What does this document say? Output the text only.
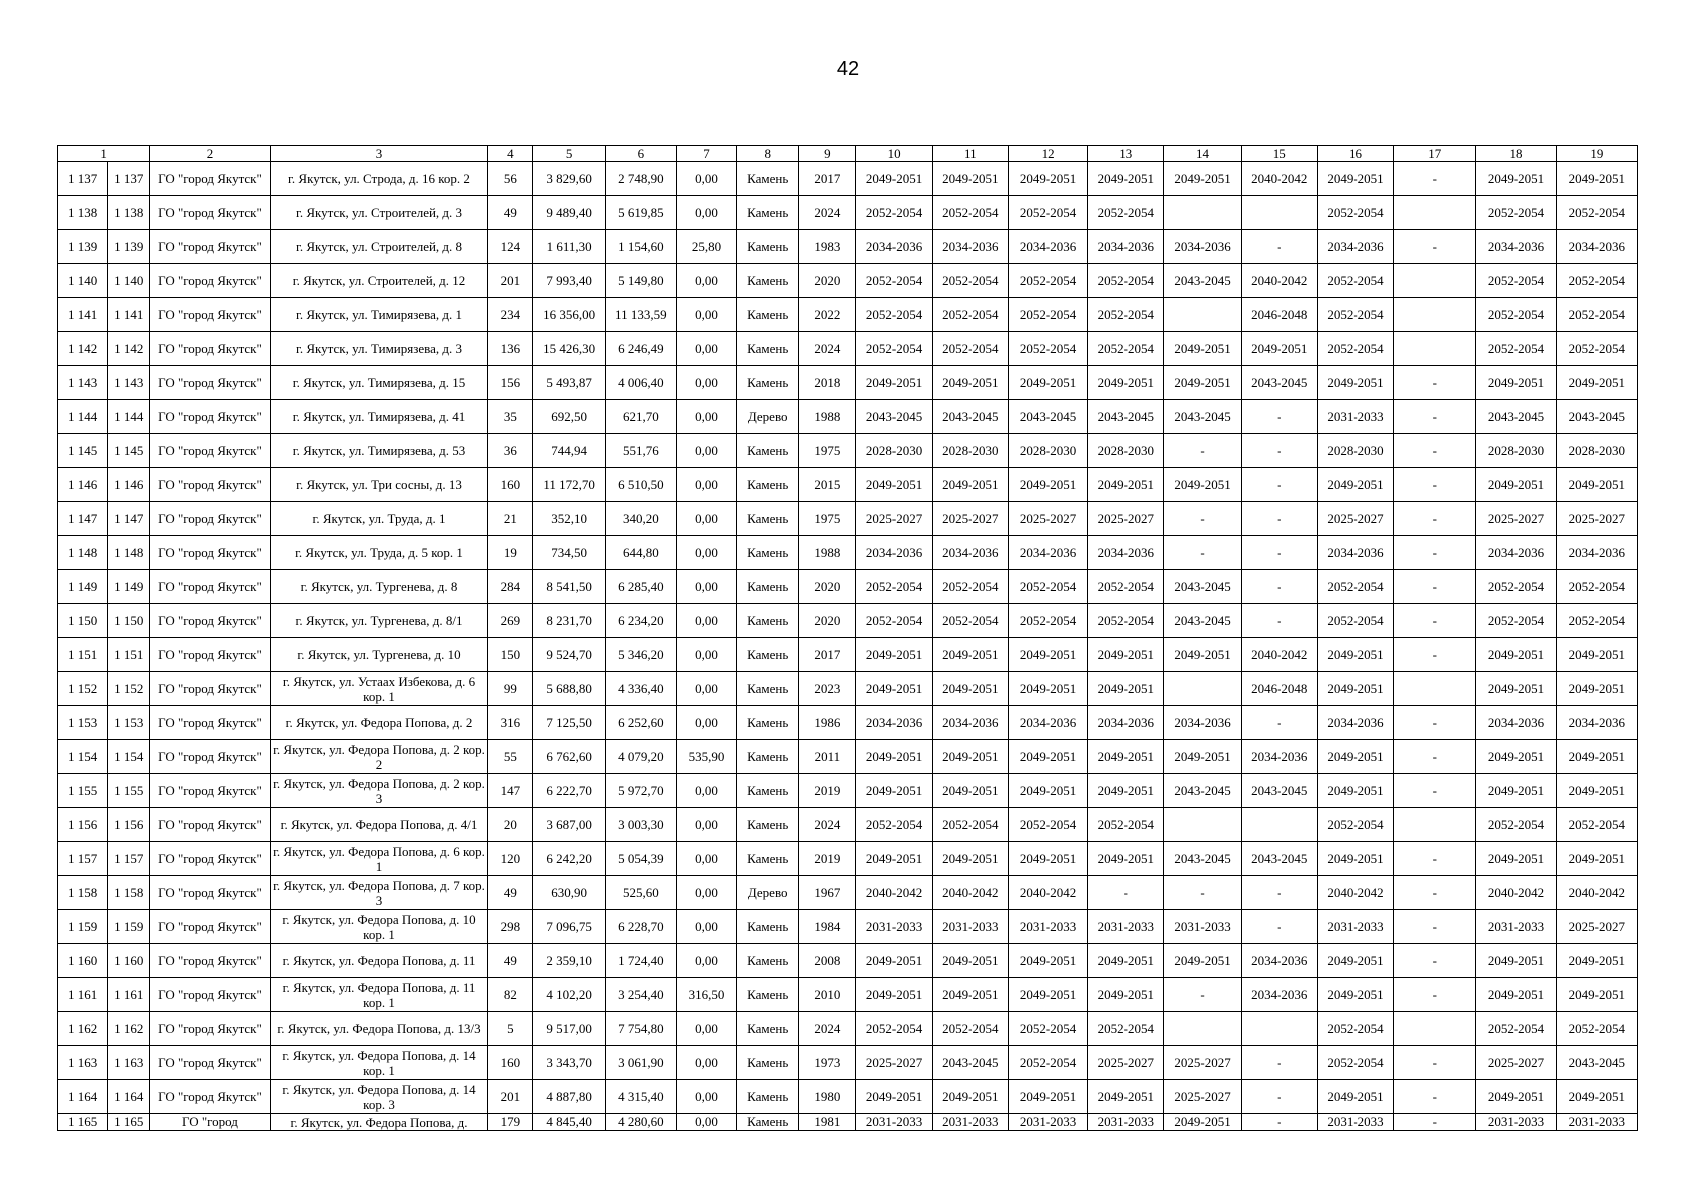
42
1		2	3	4	5	6	7	8	9	10	11	12	13	14	15	16	17	18	19
1 137	1 137	ГО "город Якутск"	г. Якутск, ул. Строда, д. 16 кор. 2	56	3 829,60	2 748,90	0,00	Камень	2017	2049-2051	2049-2051	2049-2051	2049-2051	2049-2051	2040-2042	2049-2051	-	2049-2051	2049-2051
1 138	1 138	ГО "город Якутск"	г. Якутск, ул. Строителей, д. 3	49	9 489,40	5 619,85	0,00	Камень	2024	2052-2054	2052-2054	2052-2054	2052-2054			2052-2054		2052-2054	2052-2054
1 139	1 139	ГО "город Якутск"	г. Якутск, ул. Строителей, д. 8	124	1 611,30	1 154,60	25,80	Камень	1983	2034-2036	2034-2036	2034-2036	2034-2036	2034-2036	-	2034-2036	-	2034-2036	2034-2036
1 140	1 140	ГО "город Якутск"	г. Якутск, ул. Строителей, д. 12	201	7 993,40	5 149,80	0,00	Камень	2020	2052-2054	2052-2054	2052-2054	2052-2054	2043-2045	2040-2042	2052-2054		2052-2054	2052-2054
1 141	1 141	ГО "город Якутск"	г. Якутск, ул. Тимирязева, д. 1	234	16 356,00	11 133,59	0,00	Камень	2022	2052-2054	2052-2054	2052-2054	2052-2054		2046-2048	2052-2054		2052-2054	2052-2054
1 142	1 142	ГО "город Якутск"	г. Якутск, ул. Тимирязева, д. 3	136	15 426,30	6 246,49	0,00	Камень	2024	2052-2054	2052-2054	2052-2054	2052-2054	2049-2051	2049-2051	2052-2054		2052-2054	2052-2054
1 143	1 143	ГО "город Якутск"	г. Якутск, ул. Тимирязева, д. 15	156	5 493,87	4 006,40	0,00	Камень	2018	2049-2051	2049-2051	2049-2051	2049-2051	2049-2051	2043-2045	2049-2051	-	2049-2051	2049-2051
1 144	1 144	ГО "город Якутск"	г. Якутск, ул. Тимирязева, д. 41	35	692,50	621,70	0,00	Дерево	1988	2043-2045	2043-2045	2043-2045	2043-2045	2043-2045	-	2031-2033	-	2043-2045	2043-2045
1 145	1 145	ГО "город Якутск"	г. Якутск, ул. Тимирязева, д. 53	36	744,94	551,76	0,00	Камень	1975	2028-2030	2028-2030	2028-2030	2028-2030	-	-	2028-2030	-	2028-2030	2028-2030
1 146	1 146	ГО "город Якутск"	г. Якутск, ул. Три сосны, д. 13	160	11 172,70	6 510,50	0,00	Камень	2015	2049-2051	2049-2051	2049-2051	2049-2051	2049-2051	-	2049-2051	-	2049-2051	2049-2051
1 147	1 147	ГО "город Якутск"	г. Якутск, ул. Труда, д. 1	21	352,10	340,20	0,00	Камень	1975	2025-2027	2025-2027	2025-2027	2025-2027	-	-	2025-2027	-	2025-2027	2025-2027
1 148	1 148	ГО "город Якутск"	г. Якутск, ул. Труда, д. 5 кор. 1	19	734,50	644,80	0,00	Камень	1988	2034-2036	2034-2036	2034-2036	2034-2036	-	-	2034-2036	-	2034-2036	2034-2036
1 149	1 149	ГО "город Якутск"	г. Якутск, ул. Тургенева, д. 8	284	8 541,50	6 285,40	0,00	Камень	2020	2052-2054	2052-2054	2052-2054	2052-2054	2043-2045	-	2052-2054	-	2052-2054	2052-2054
1 150	1 150	ГО "город Якутск"	г. Якутск, ул. Тургенева, д. 8/1	269	8 231,70	6 234,20	0,00	Камень	2020	2052-2054	2052-2054	2052-2054	2052-2054	2043-2045	-	2052-2054	-	2052-2054	2052-2054
1 151	1 151	ГО "город Якутск"	г. Якутск, ул. Тургенева, д. 10	150	9 524,70	5 346,20	0,00	Камень	2017	2049-2051	2049-2051	2049-2051	2049-2051	2049-2051	2040-2042	2049-2051	-	2049-2051	2049-2051
1 152	1 152	ГО "город Якутск"	г. Якутск, ул. Устаах Избекова, д. 6 кор. 1	99	5 688,80	4 336,40	0,00	Камень	2023	2049-2051	2049-2051	2049-2051	2049-2051		2046-2048	2049-2051		2049-2051	2049-2051
1 153	1 153	ГО "город Якутск"	г. Якутск, ул. Федора Попова, д. 2	316	7 125,50	6 252,60	0,00	Камень	1986	2034-2036	2034-2036	2034-2036	2034-2036	2034-2036	-	2034-2036	-	2034-2036	2034-2036
1 154	1 154	ГО "город Якутск"	г. Якутск, ул. Федора Попова, д. 2 кор. 2	55	6 762,60	4 079,20	535,90	Камень	2011	2049-2051	2049-2051	2049-2051	2049-2051	2049-2051	2034-2036	2049-2051	-	2049-2051	2049-2051
1 155	1 155	ГО "город Якутск"	г. Якутск, ул. Федора Попова, д. 2 кор. 3	147	6 222,70	5 972,70	0,00	Камень	2019	2049-2051	2049-2051	2049-2051	2049-2051	2043-2045	2043-2045	2049-2051	-	2049-2051	2049-2051
1 156	1 156	ГО "город Якутск"	г. Якутск, ул. Федора Попова, д. 4/1	20	3 687,00	3 003,30	0,00	Камень	2024	2052-2054	2052-2054	2052-2054	2052-2054			2052-2054		2052-2054	2052-2054
1 157	1 157	ГО "город Якутск"	г. Якутск, ул. Федора Попова, д. 6 кор. 1	120	6 242,20	5 054,39	0,00	Камень	2019	2049-2051	2049-2051	2049-2051	2049-2051	2043-2045	2043-2045	2049-2051	-	2049-2051	2049-2051
1 158	1 158	ГО "город Якутск"	г. Якутск, ул. Федора Попова, д. 7 кор. 3	49	630,90	525,60	0,00	Дерево	1967	2040-2042	2040-2042	2040-2042	-	-	-	2040-2042	-	2040-2042	2040-2042
1 159	1 159	ГО "город Якутск"	г. Якутск, ул. Федора Попова, д. 10 кор. 1	298	7 096,75	6 228,70	0,00	Камень	1984	2031-2033	2031-2033	2031-2033	2031-2033	2031-2033	-	2031-2033	-	2031-2033	2025-2027
1 160	1 160	ГО "город Якутск"	г. Якутск, ул. Федора Попова, д. 11	49	2 359,10	1 724,40	0,00	Камень	2008	2049-2051	2049-2051	2049-2051	2049-2051	2049-2051	2034-2036	2049-2051	-	2049-2051	2049-2051
1 161	1 161	ГО "город Якутск"	г. Якутск, ул. Федора Попова, д. 11 кор. 1	82	4 102,20	3 254,40	316,50	Камень	2010	2049-2051	2049-2051	2049-2051	2049-2051	-	2034-2036	2049-2051	-	2049-2051	2049-2051
1 162	1 162	ГО "город Якутск"	г. Якутск, ул. Федора Попова, д. 13/3	5	9 517,00	7 754,80	0,00	Камень	2024	2052-2054	2052-2054	2052-2054	2052-2054			2052-2054		2052-2054	2052-2054
1 163	1 163	ГО "город Якутск"	г. Якутск, ул. Федора Попова, д. 14 кор. 1	160	3 343,70	3 061,90	0,00	Камень	1973	2025-2027	2043-2045	2052-2054	2025-2027	2025-2027	-	2052-2054	-	2025-2027	2043-2045
1 164	1 164	ГО "город Якутск"	г. Якутск, ул. Федора Попова, д. 14 кор. 3	201	4 887,80	4 315,40	0,00	Камень	1980	2049-2051	2049-2051	2049-2051	2049-2051	2025-2027	-	2049-2051	-	2049-2051	2049-2051
1 165	1 165	ГО "город	г. Якутск, ул. Федора Попова, д.	179	4 845,40	4 280,60	0,00	Камень	1981	2031-2033	2031-2033	2031-2033	2031-2033	2049-2051	-	2031-2033	-	2031-2033	2031-2033
